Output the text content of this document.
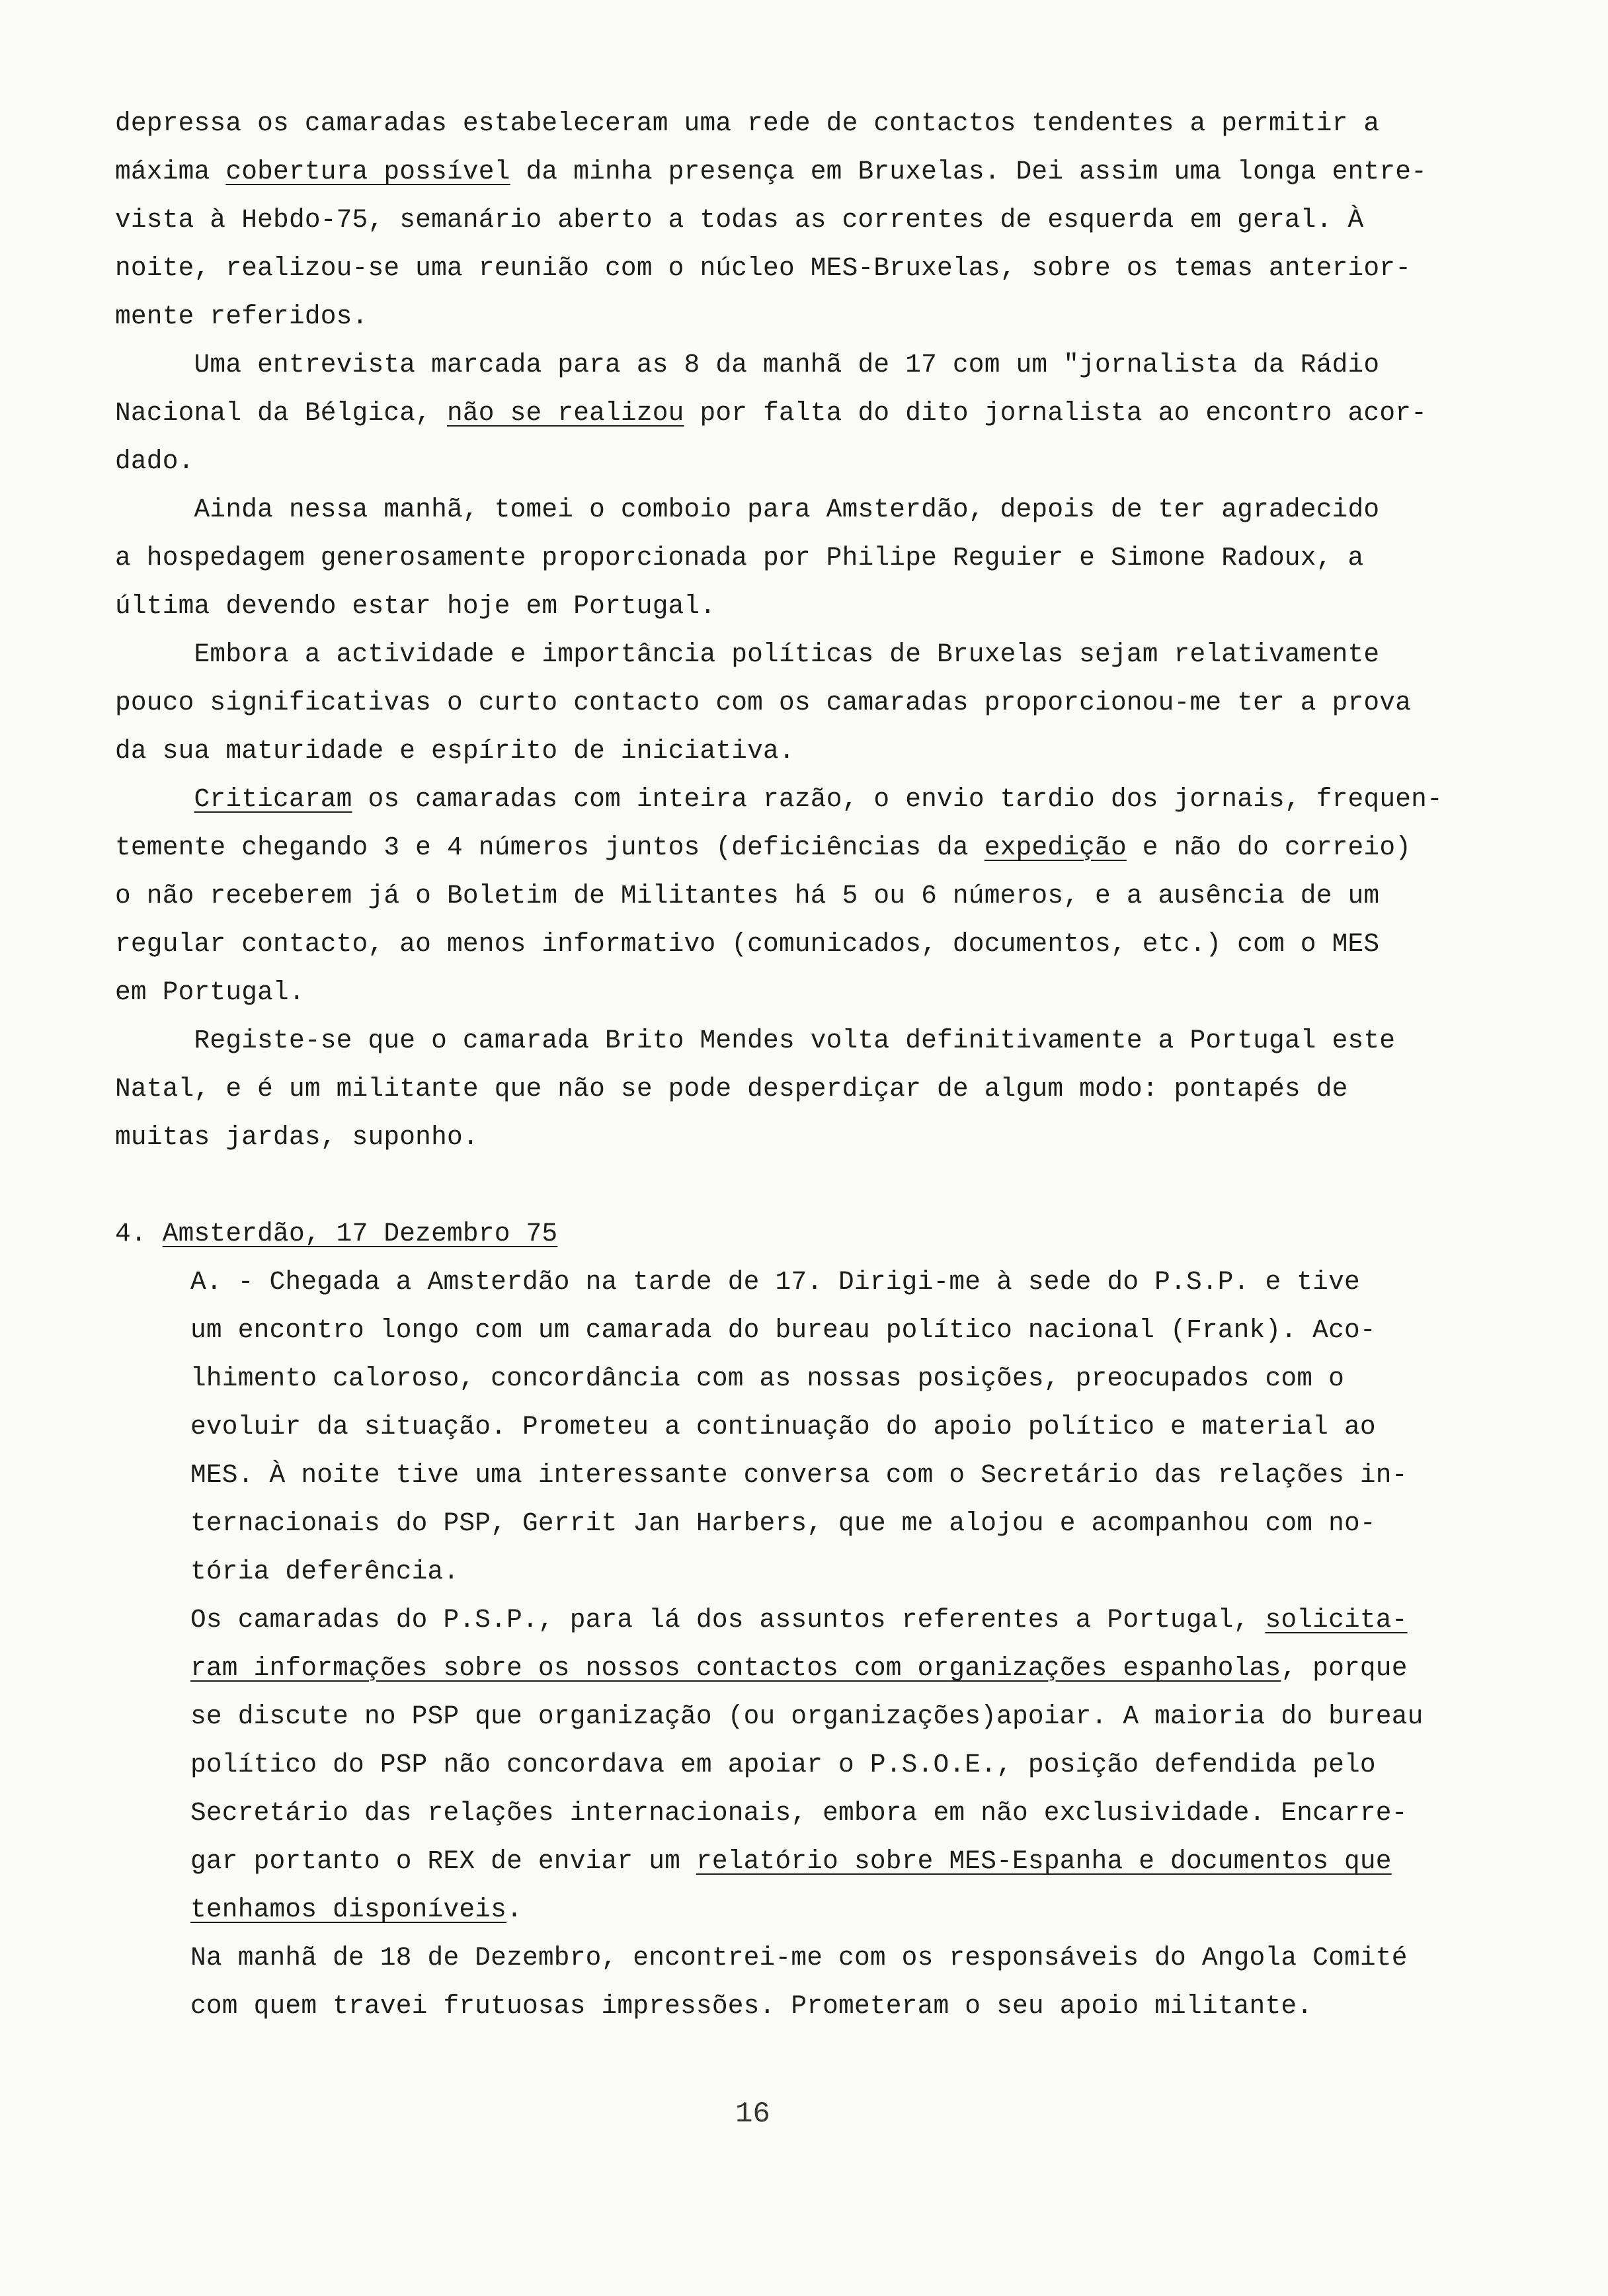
depressa os camaradas estabeleceram uma rede de contactos tendentes a permitir a
máxima cobertura possível da minha presença em Bruxelas. Dei assim uma longa entre-
vista à Hebdo-75, semanário aberto a todas as correntes de esquerda em geral. À
noite, realizou-se uma reunião com o núcleo MES-Bruxelas, sobre os temas anterior-
mente referidos.
Uma entrevista marcada para as 8 da manhã de 17 com um "jornalista da Rádio
Nacional da Bélgica, não se realizou por falta do dito jornalista ao encontro acor-
dado.
Ainda nessa manhã, tomei o comboio para Amsterdão, depois de ter agradecido
a hospedagem generosamente proporcionada por Philipe Reguier e Simone Radoux, a
última devendo estar hoje em Portugal.
Embora a actividade e importância políticas de Bruxelas sejam relativamente
pouco significativas o curto contacto com os camaradas proporcionou-me ter a prova
da sua maturidade e espírito de iniciativa.
Criticaram os camaradas com inteira razão, o envio tardio dos jornais, frequen-
temente chegando 3 e 4 números juntos (deficiências da expedição e não do correio)
o não receberem já o Boletim de Militantes há 5 ou 6 números, e a ausência de um
regular contacto, ao menos informativo (comunicados, documentos, etc.) com o MES
em Portugal.
Registe-se que o camarada Brito Mendes volta definitivamente a Portugal este
Natal, e é um militante que não se pode desperdiçar de algum modo: pontapés de
muitas jardas, suponho.
4. Amsterdão, 17 Dezembro 75
A. - Chegada a Amsterdão na tarde de 17. Dirigi-me à sede do P.S.P. e tive
um encontro longo com um camarada do bureau político nacional (Frank). Aco-
lhimento caloroso, concordância com as nossas posições, preocupados com o
evoluir da situação. Prometeu a continuação do apoio político e material ao
MES. À noite tive uma interessante conversa com o Secretário das relações in-
ternacionais do PSP, Gerrit Jan Harbers, que me alojou e acompanhou com no-
tória deferência.
Os camaradas do P.S.P., para lá dos assuntos referentes a Portugal, solicita-
ram informações sobre os nossos contactos com organizações espanholas, porque
se discute no PSP que organização (ou organizações)apoiar. A maioria do bureau
político do PSP não concordava em apoiar o P.S.O.E., posição defendida pelo
Secretário das relações internacionais, embora em não exclusividade. Encarre-
gar portanto o REX de enviar um relatório sobre MES-Espanha e documentos que
tenhamos disponíveis.
Na manhã de 18 de Dezembro, encontrei-me com os responsáveis do Angola Comité
com quem travei frutuosas impressões. Prometeram o seu apoio militante.
16
